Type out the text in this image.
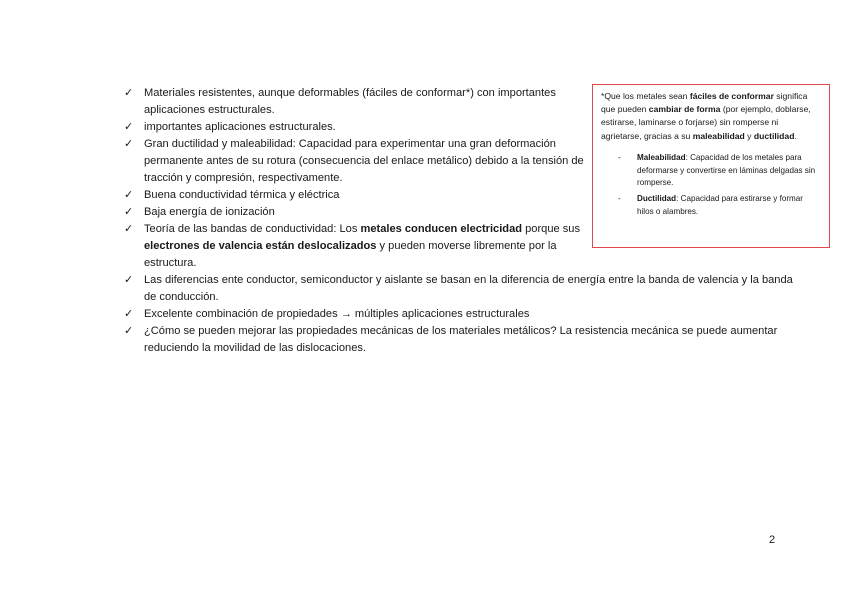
✓ Materiales resistentes, aunque deformables (fáciles de conformar*) con importantes aplicaciones estructurales.
✓ importantes aplicaciones estructurales.
✓ Gran ductilidad y maleabilidad: Capacidad para experimentar una gran deformación permanente antes de su rotura (consecuencia del enlace metálico) debido a la tensión de tracción y compresión, respectivamente.
✓ Buena conductividad térmica y eléctrica
✓ Baja energía de ionización
✓ Teoría de las bandas de conductividad: Los metales conducen electricidad porque sus electrones de valencia están deslocalizados y pueden moverse libremente por la estructura.
✓ Las diferencias ente conductor, semiconductor y aislante se basan en la diferencia de energía entre la banda de valencia y la banda de conducción.
✓ Excelente combinación de propiedades → múltiples aplicaciones estructurales
✓ ¿Cómo se pueden mejorar las propiedades mecánicas de los materiales metálicos? La resistencia mecánica se puede aumentar reduciendo la movilidad de las dislocaciones.

*Que los metales sean fáciles de conformar significa que pueden cambiar de forma (por ejemplo, doblarse, estirarse, laminarse o forjarse) sin romperse ni agrietarse, gracias a su maleabilidad y ductilidad.

- Maleabilidad: Capacidad de los metales para deformarse y convertirse en láminas delgadas sin romperse.
- Ductilidad: Capacidad para estirarse y formar hilos o alambres.
2
